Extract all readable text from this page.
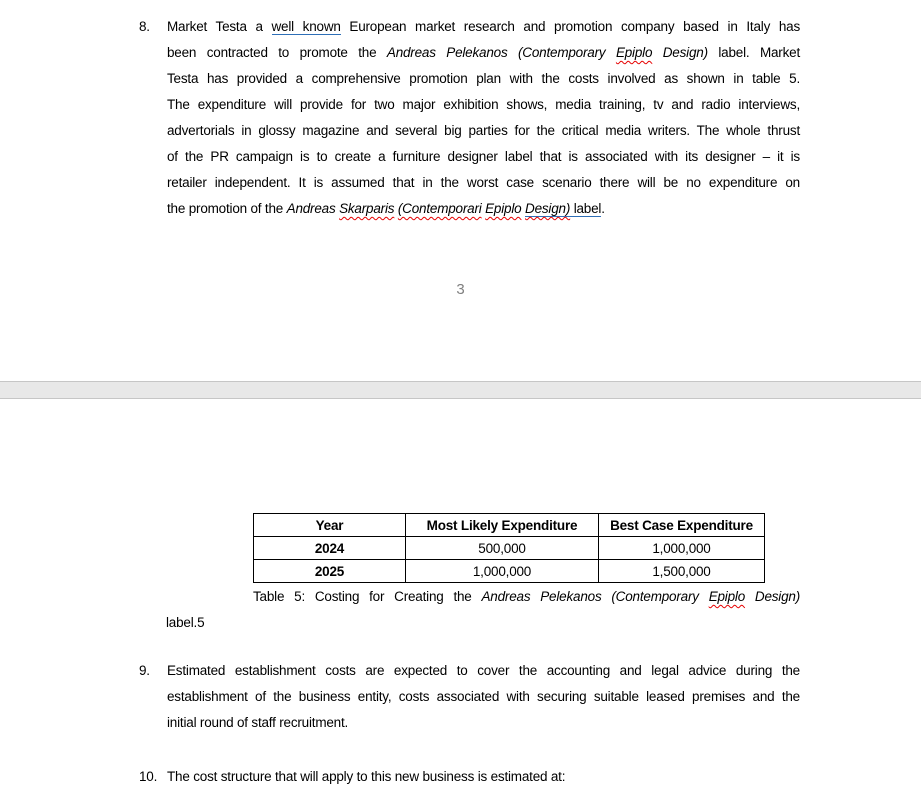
8.	Market Testa a well known European market research and promotion company based in Italy has
been contracted to promote the Andreas Pelekanos (Contemporary Epiplo Design) label. Market
Testa has provided a comprehensive promotion plan with the costs involved as shown in table 5.
The expenditure will provide for two major exhibition shows, media training, tv and radio interviews,
advertorials in glossy magazine and several big parties for the critical media writers. The whole thrust
of the PR campaign is to create a furniture designer label that is associated with its designer – it is
retailer independent. It is assumed that in the worst case scenario there will be no expenditure on
the promotion of the Andreas Skarparis (Contemporari Epiplo Design) label.
3
Year	Most Likely Expenditure	Best Case Expenditure
2024	500,000	1,000,000
2025	1,000,000	1,500,000
Table 5: Costing for Creating the Andreas Pelekanos (Contemporary Epiplo Design)
label.5
9.	Estimated establishment costs are expected to cover the accounting and legal advice during the
establishment of the business entity, costs associated with securing suitable leased premises and the
initial round of staff recruitment.
10. The cost structure that will apply to this new business is estimated at:
